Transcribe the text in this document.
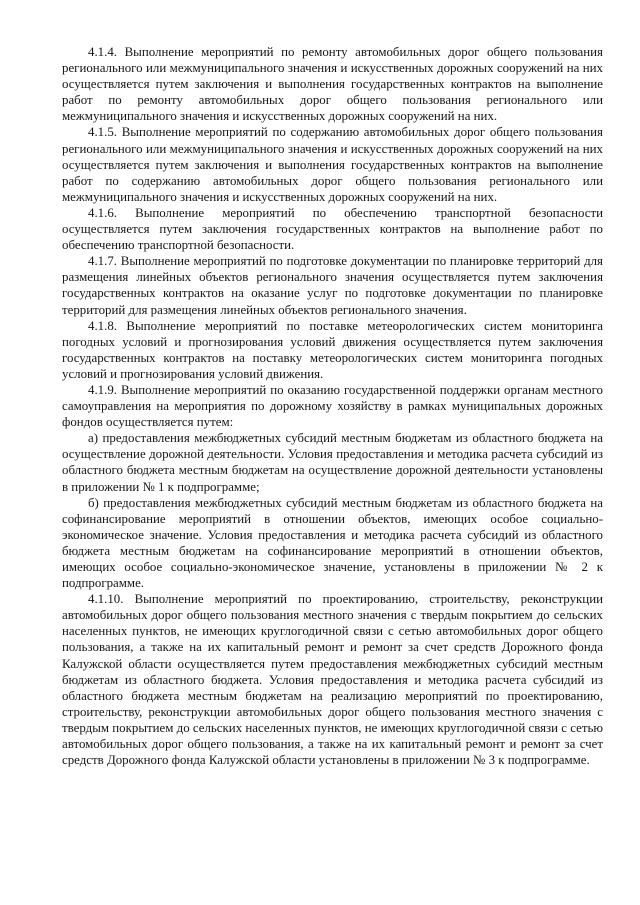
4.1.4. Выполнение мероприятий по ремонту автомобильных дорог общего пользования регионального или межмуниципального значения и искусственных дорожных сооружений на них осуществляется путем заключения и выполнения государственных контрактов на выполнение работ по ремонту автомобильных дорог общего пользования регионального или межмуниципального значения и искусственных дорожных сооружений на них.

4.1.5. Выполнение мероприятий по содержанию автомобильных дорог общего пользования регионального или межмуниципального значения и искусственных дорожных сооружений на них осуществляется путем заключения и выполнения государственных контрактов на выполнение работ по содержанию автомобильных дорог общего пользования регионального или межмуниципального значения и искусственных дорожных сооружений на них.

4.1.6. Выполнение мероприятий по обеспечению транспортной безопасности осуществляется путем заключения государственных контрактов на выполнение работ по обеспечению транспортной безопасности.

4.1.7. Выполнение мероприятий по подготовке документации по планировке территорий для размещения линейных объектов регионального значения осуществляется путем заключения государственных контрактов на оказание услуг по подготовке документации по планировке территорий для размещения линейных объектов регионального значения.

4.1.8. Выполнение мероприятий по поставке метеорологических систем мониторинга погодных условий и прогнозирования условий движения осуществляется путем заключения государственных контрактов на поставку метеорологических систем мониторинга погодных условий и прогнозирования условий движения.

4.1.9. Выполнение мероприятий по оказанию государственной поддержки органам местного самоуправления на мероприятия по дорожному хозяйству в рамках муниципальных дорожных фондов осуществляется путем:

а) предоставления межбюджетных субсидий местным бюджетам из областного бюджета на осуществление дорожной деятельности. Условия предоставления и методика расчета субсидий из областного бюджета местным бюджетам на осуществление дорожной деятельности установлены в приложении № 1 к подпрограмме;

б) предоставления межбюджетных субсидий местным бюджетам из областного бюджета на софинансирование мероприятий в отношении объектов, имеющих особое социально-экономическое значение. Условия предоставления и методика расчета субсидий из областного бюджета местным бюджетам на софинансирование мероприятий в отношении объектов, имеющих особое социально-экономическое значение, установлены в приложении № 2 к подпрограмме.

4.1.10. Выполнение мероприятий по проектированию, строительству, реконструкции автомобильных дорог общего пользования местного значения с твердым покрытием до сельских населенных пунктов, не имеющих круглогодичной связи с сетью автомобильных дорог общего пользования, а также на их капитальный ремонт и ремонт за счет средств Дорожного фонда Калужской области осуществляется путем предоставления межбюджетных субсидий местным бюджетам из областного бюджета. Условия предоставления и методика расчета субсидий из областного бюджета местным бюджетам на реализацию мероприятий по проектированию, строительству, реконструкции автомобильных дорог общего пользования местного значения с твердым покрытием до сельских населенных пунктов, не имеющих круглогодичной связи с сетью автомобильных дорог общего пользования, а также на их капитальный ремонт и ремонт за счет средств Дорожного фонда Калужской области установлены в приложении № 3 к подпрограмме.
